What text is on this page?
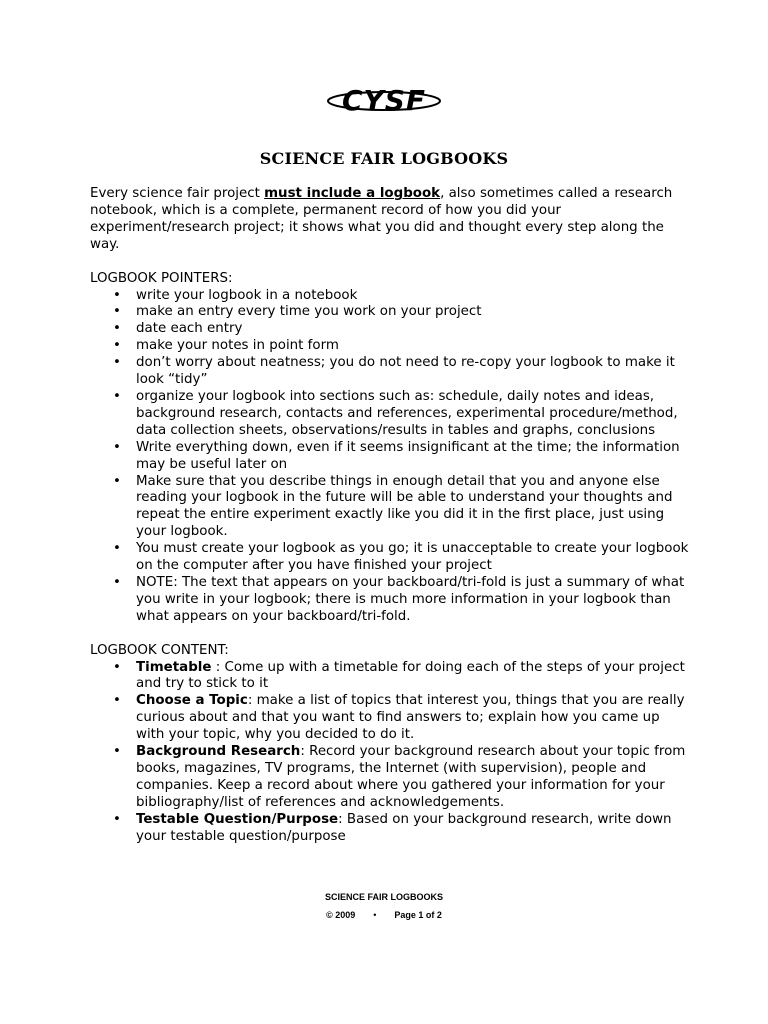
CYSF
SCIENCE FAIR LOGBOOKS

Every science fair project must include a logbook, also sometimes called a research notebook, which is a complete, permanent record of how you did your experiment/research project; it shows what you did and thought every step along the way.

LOGBOOK POINTERS:

• write your logbook in a notebook
• make an entry every time you work on your project
• date each entry
• make your notes in point form
• don’t worry about neatness; you do not need to re-copy your logbook to make it look “tidy”
• organize your logbook into sections such as: schedule, daily notes and ideas, background research, contacts and references, experimental procedure/method, data collection sheets, observations/results in tables and graphs, conclusions
• Write everything down, even if it seems insignificant at the time; the information may be useful later on
• Make sure that you describe things in enough detail that you and anyone else reading your logbook in the future will be able to understand your thoughts and repeat the entire experiment exactly like you did it in the first place, just using your logbook.
• You must create your logbook as you go; it is unacceptable to create your logbook on the computer after you have finished your project
• NOTE: The text that appears on your backboard/tri-fold is just a summary of what you write in your logbook; there is much more information in your logbook than what appears on your backboard/tri-fold.

LOGBOOK CONTENT:

• Timetable : Come up with a timetable for doing each of the steps of your project and try to stick to it
• Choose a Topic: make a list of topics that interest you, things that you are really curious about and that you want to find answers to; explain how you came up with your topic, why you decided to do it.
• Background Research: Record your background research about your topic from books, magazines, TV programs, the Internet (with supervision), people and companies. Keep a record about where you gathered your information for your bibliography/list of references and acknowledgements.
• Testable Question/Purpose: Based on your background research, write down your testable question/purpose
SCIENCE FAIR LOGBOOKS
© 2009 • Page 1 of 2
